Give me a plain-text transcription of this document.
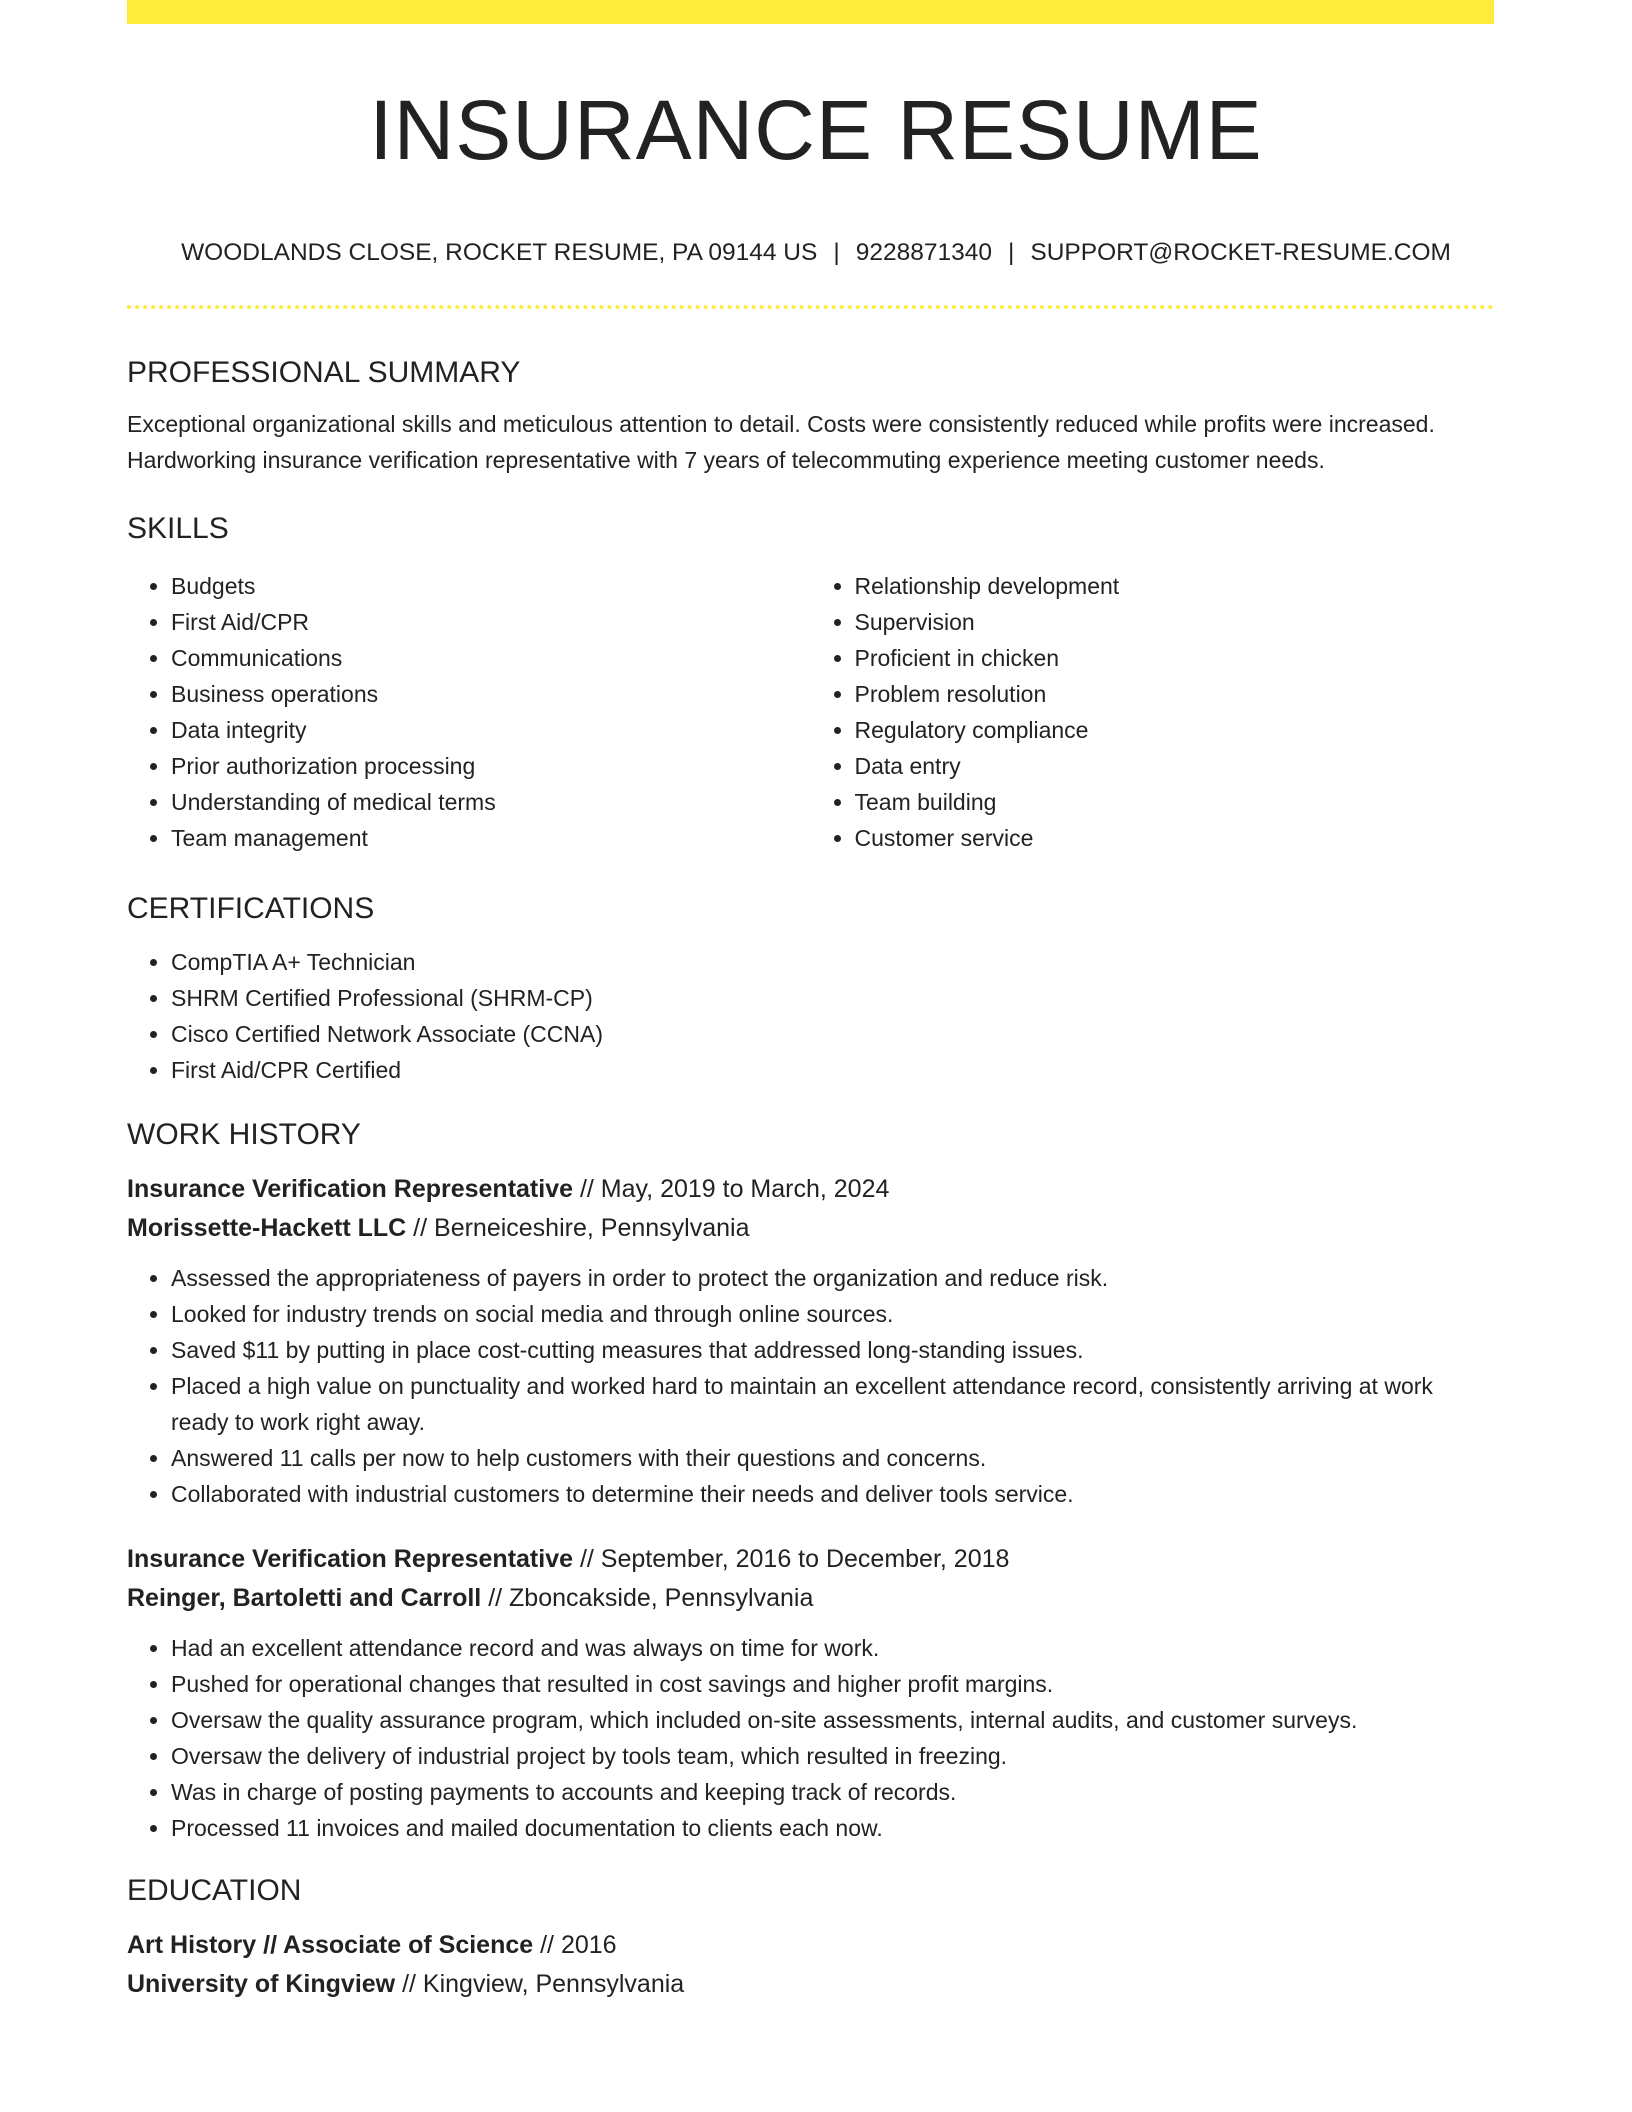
INSURANCE RESUME
WOODLANDS CLOSE, ROCKET RESUME, PA 09144 US | 9228871340 | SUPPORT@ROCKET-RESUME.COM
PROFESSIONAL SUMMARY

Exceptional organizational skills and meticulous attention to detail. Costs were consistently reduced while profits were increased. Hardworking insurance verification representative with 7 years of telecommuting experience meeting customer needs.

SKILLS
• Budgets
• First Aid/CPR
• Communications
• Business operations
• Data integrity
• Prior authorization processing
• Understanding of medical terms
• Team management
• Relationship development
• Supervision
• Proficient in chicken
• Problem resolution
• Regulatory compliance
• Data entry
• Team building
• Customer service
CERTIFICATIONS
• CompTIA A+ Technician
• SHRM Certified Professional (SHRM-CP)
• Cisco Certified Network Associate (CCNA)
• First Aid/CPR Certified
WORK HISTORY

Insurance Verification Representative // May, 2019 to March, 2024

Morissette-Hackett LLC // Berneiceshire, Pennsylvania

• Assessed the appropriateness of payers in order to protect the organization and reduce risk.
• Looked for industry trends on social media and through online sources.
• Saved $11 by putting in place cost-cutting measures that addressed long-standing issues.
• Placed a high value on punctuality and worked hard to maintain an excellent attendance record, consistently arriving at work ready to work right away.
• Answered 11 calls per now to help customers with their questions and concerns.
• Collaborated with industrial customers to determine their needs and deliver tools service.

Insurance Verification Representative // September, 2016 to December, 2018

Reinger, Bartoletti and Carroll // Zboncakside, Pennsylvania

• Had an excellent attendance record and was always on time for work.
• Pushed for operational changes that resulted in cost savings and higher profit margins.
• Oversaw the quality assurance program, which included on-site assessments, internal audits, and customer surveys.
• Oversaw the delivery of industrial project by tools team, which resulted in freezing.
• Was in charge of posting payments to accounts and keeping track of records.
• Processed 11 invoices and mailed documentation to clients each now.
EDUCATION

Art History // Associate of Science // 2016

University of Kingview // Kingview, Pennsylvania
